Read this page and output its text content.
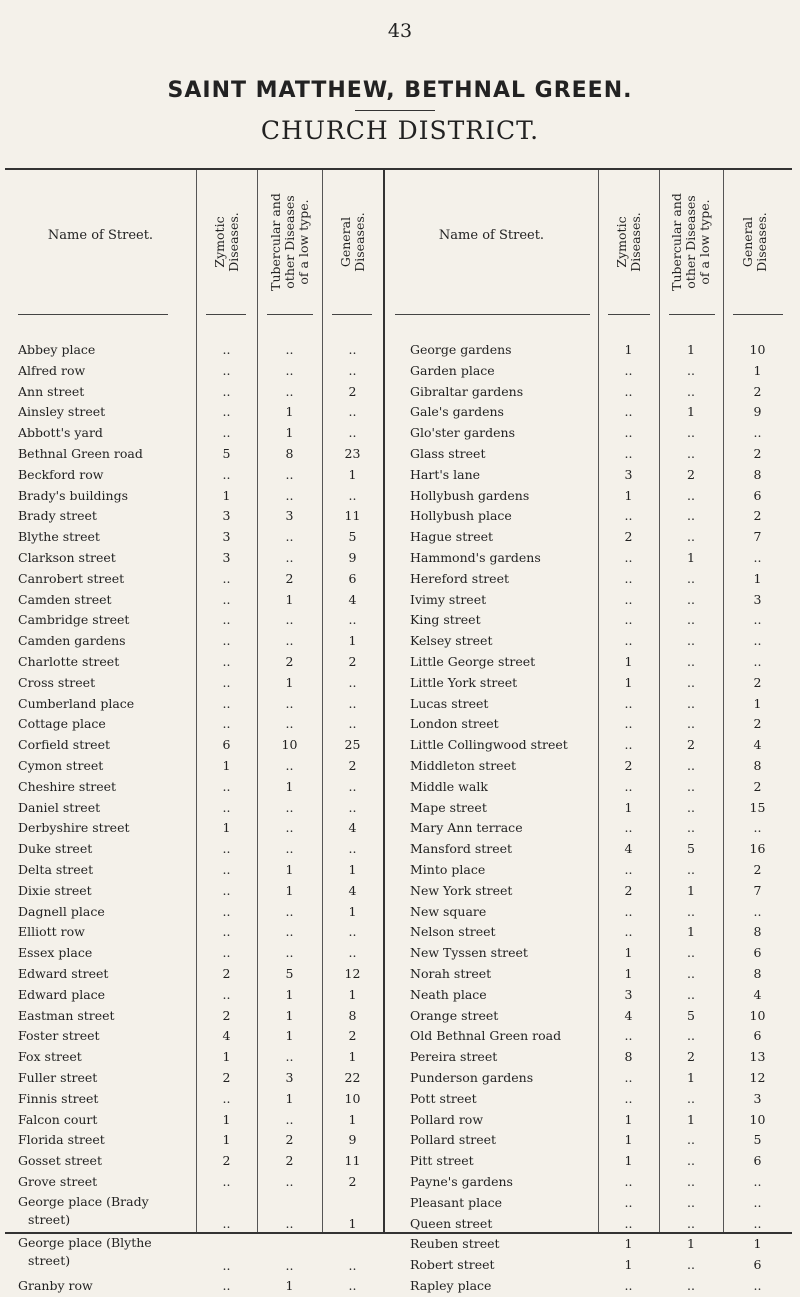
43
SAINT MATTHEW, BETHNAL GREEN.
CHURCH DISTRICT.
Name of Street.	Zymotic
Diseases. Tubercular and
other Diseases
of a low type.
General
Diseases.	Name of Street.	Zymotic
Diseases. Tubercular and
other Diseases
of a low type.
General
Diseases.
Abbey place	..	..	..
Alfred row	..	..	..
Ann street	..	..	2
Ainsley street	..	1	..
Abbott's yard	..	1	..
Bethnal Green road	5	8	23
Beckford row	..	..	1
Brady's buildings	1	..	..
Brady street	3	3	11
Blythe street	3	..	5
Clarkson street	3	..	9
Canrobert street	..	2	6
Camden street	..	1	4
Cambridge street	..	..	..
Camden gardens	..	..	1
Charlotte street	..	2	2
Cross street	..	1	..
Cumberland place	..	..	..
Cottage place	..	..	..
Corfield street	6	10	25
Cymon street	1	..	2
Cheshire street	..	1	..
Daniel street	..	..	..
Derbyshire street	1	..	4
Duke street	..	..	..
Delta street	..	1	1
Dixie street	..	1	4
Dagnell place	..	..	1
Elliott row	..	..	..
Essex place	..	..	..
Edward street	2	5	12
Edward place	..	1	1
Eastman street	2	1	8
Foster street	4	1	2
Fox street	1	..	1
Fuller street	2	3	22
Finnis street	..	1	10
Falcon court	1	..	1
Florida street	1	2	9
Gosset street	2	2	11
Grove street	..	..	2
George place (Brady
street)	..	..	1
George place (Blythe
street)	..	..	..
Granby row	..	1	..
George gardens	1	1	10
Garden place	..	..	1
Gibraltar gardens	..	..	2
Gale's gardens	..	1	9
Glo'ster gardens	..	..	..
Glass street	..	..	2
Hart's lane	3	2	8
Hollybush gardens	1	..	6
Hollybush place	..	..	2
Hague street	2	..	7
Hammond's gardens	..	1	..
Hereford street	..	..	1
Ivimy street	..	..	3
King street	..	..	..
Kelsey street	..	..	..
Little George street	1	..	..
Little York street	1	..	2
Lucas street	..	..	1
London street	..	..	2
Little Collingwood street	..	2	4
Middleton street	2	..	8
Middle walk	..	..	2
Mape street	1	..	15
Mary Ann terrace	..	..	..
Mansford street	4	5	16
Minto place	..	..	2
New York street	2	1	7
New square	..	..	..
Nelson street	..	1	8
New Tyssen street	1	..	6
Norah street	1	..	8
Neath place	3	..	4
Orange street	4	5	10
Old Bethnal Green road	..	..	6
Pereira street	8	2	13
Punderson gardens	..	1	12
Pott street	..	..	3
Pollard row	1	1	10
Pollard street	1	..	5
Pitt street	1	..	6
Payne's gardens	..	..	..
Pleasant place	..	..	..
Queen street	..	..	..
Reuben street	1	1	1
Robert street	1	..	6
Rapley place	..	..	..
